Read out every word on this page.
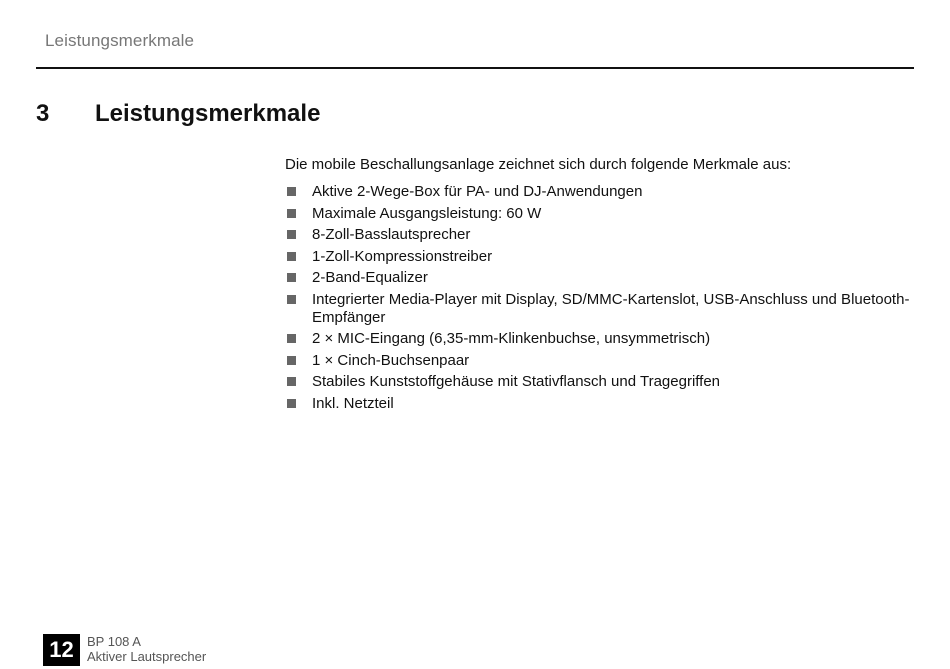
Leistungsmerkmale
3 Leistungsmerkmale

Die mobile Beschallungsanlage zeichnet sich durch folgende Merkmale aus:

Aktive 2-Wege-Box für PA- und DJ-Anwendungen
Maximale Ausgangsleistung: 60 W
8-Zoll-Basslautsprecher
1-Zoll-Kompressionstreiber
2-Band-Equalizer
Integrierter Media-Player mit Display, SD/MMC-Kartenslot, USB-Anschluss und Bluetooth-Empfänger
2 × MIC-Eingang (6,35-mm-Klinkenbuchse, unsymmetrisch)
1 × Cinch-Buchsenpaar
Stabiles Kunststoffgehäuse mit Stativflansch und Tragegriffen
Inkl. Netzteil
12	BP 108 A
Aktiver Lautsprecher
